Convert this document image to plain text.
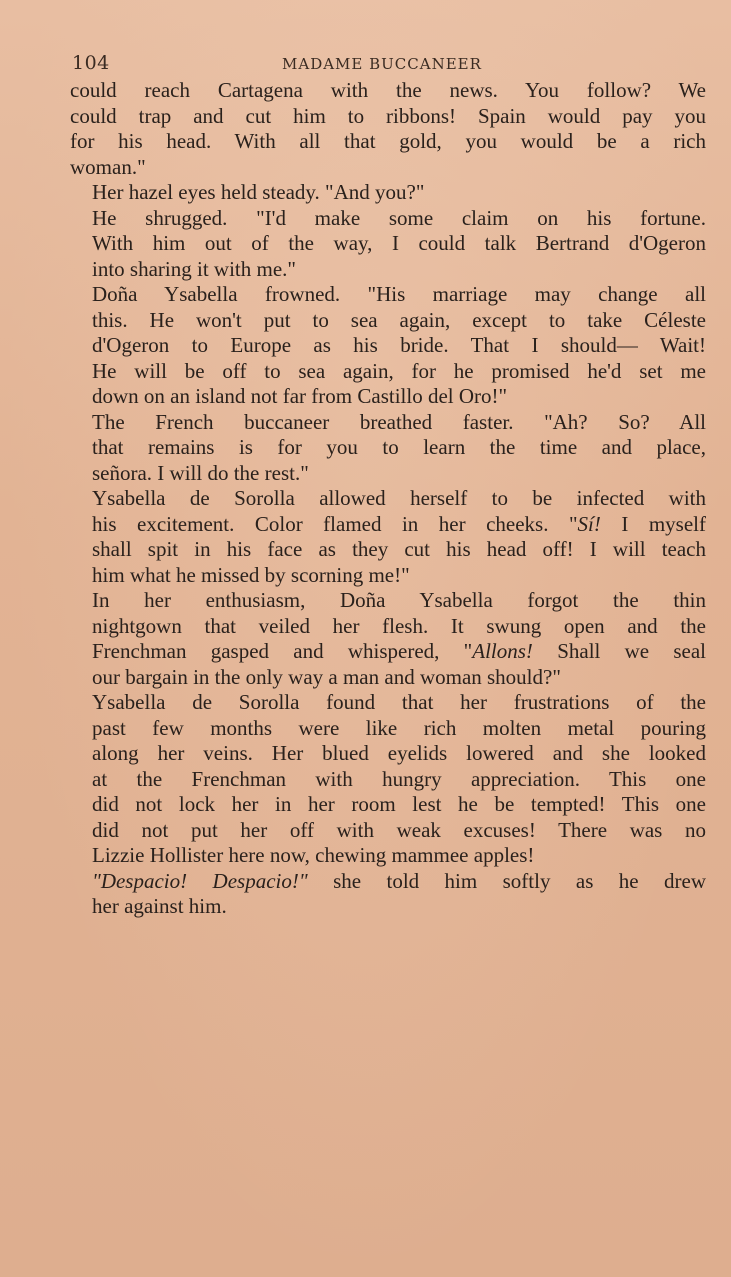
104	MADAME BUCCANEER

could reach Cartagena with the news. You follow? We
could trap and cut him to ribbons! Spain would pay you
for his head. With all that gold, you would be a rich
woman."

Her hazel eyes held steady. "And you?"

He shrugged. "I'd make some claim on his fortune.
With him out of the way, I could talk Bertrand d'Ogeron
into sharing it with me."

Doña Ysabella frowned. "His marriage may change all
this. He won't put to sea again, except to take Céleste
d'Ogeron to Europe as his bride. That I should— Wait!
He will be off to sea again, for he promised he'd set me
down on an island not far from Castillo del Oro!"

The French buccaneer breathed faster. "Ah? So? All
that remains is for you to learn the time and place,
señora. I will do the rest."

Ysabella de Sorolla allowed herself to be infected with
his excitement. Color flamed in her cheeks. "Sí! I myself
shall spit in his face as they cut his head off! I will teach
him what he missed by scorning me!"

In her enthusiasm, Doña Ysabella forgot the thin
nightgown that veiled her flesh. It swung open and the
Frenchman gasped and whispered, "Allons! Shall we seal
our bargain in the only way a man and woman should?"

Ysabella de Sorolla found that her frustrations of the
past few months were like rich molten metal pouring
along her veins. Her blued eyelids lowered and she looked
at the Frenchman with hungry appreciation. This one
did not lock her in her room lest he be tempted! This one
did not put her off with weak excuses! There was no
Lizzie Hollister here now, chewing mammee apples!

"Despacio! Despacio!" she told him softly as he drew
her against him.
